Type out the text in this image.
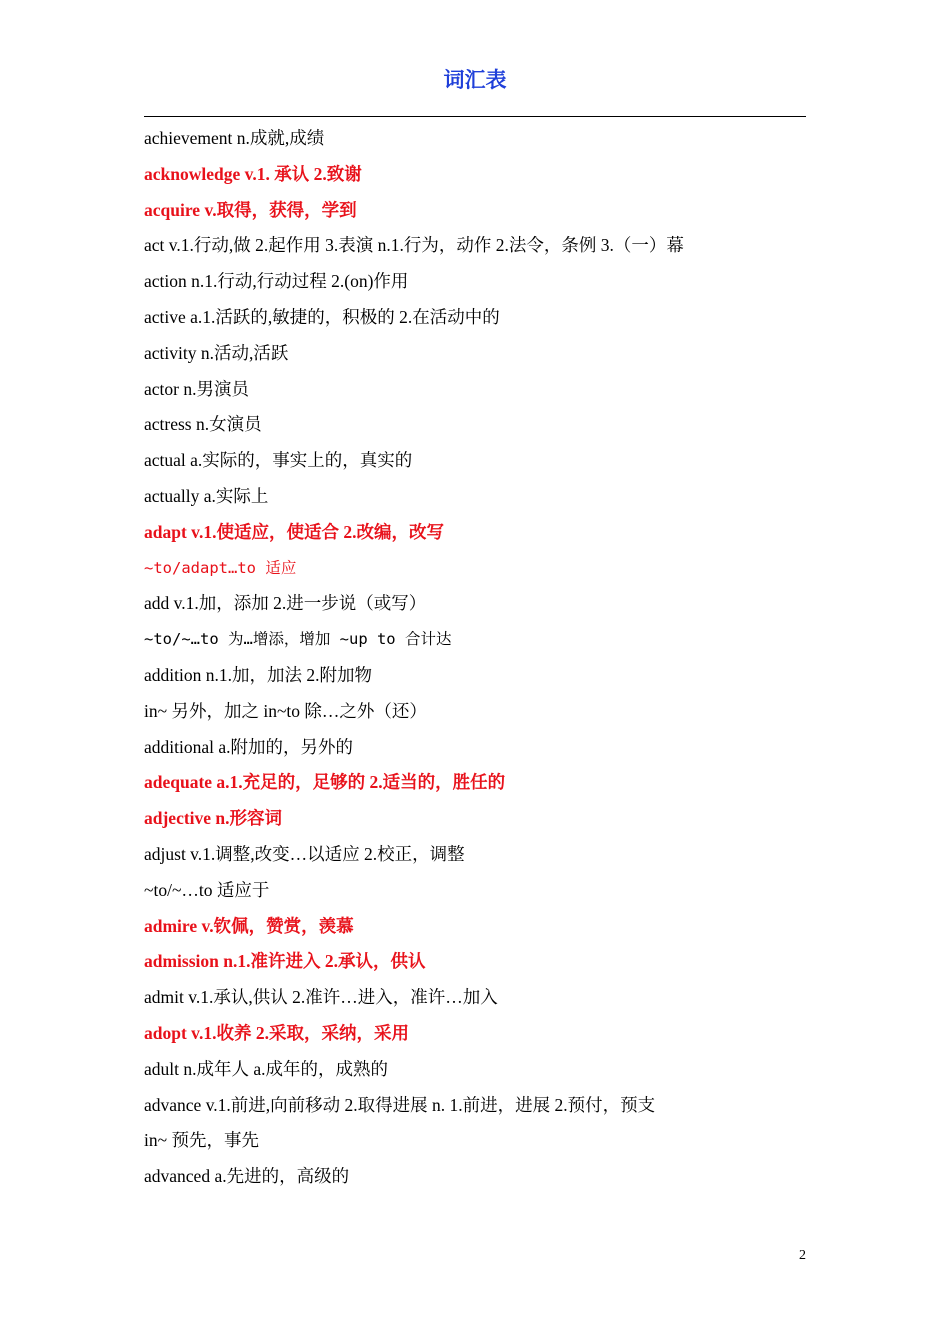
词汇表
achievement n.成就,成绩
acknowledge v.1. 承认 2.致谢
acquire v.取得，获得，学到
act v.1.行动,做 2.起作用 3.表演 n.1.行为，动作 2.法令，条例 3.（一）幕
action n.1.行动,行动过程 2.(on)作用
active a.1.活跃的,敏捷的，积极的 2.在活动中的
activity n.活动,活跃
actor n.男演员
actress n.女演员
actual a.实际的，事实上的，真实的
actually a.实际上
adapt v.1.使适应，使适合 2.改编，改写
~to/adapt…to 适应
add v.1.加，添加 2.进一步说（或写）
~to/~…to 为…增添，增加 ~up to 合计达
addition n.1.加，加法 2.附加物
in~ 另外，加之 in~to 除…之外（还）
additional a.附加的，另外的
adequate a.1.充足的，足够的 2.适当的，胜任的
adjective n.形容词
adjust v.1.调整,改变…以适应 2.校正，调整
~to/~…to 适应于
admire v.钦佩，赞赏，羡慕
admission n.1.准许进入 2.承认，供认
admit v.1.承认,供认 2.准许…进入，准许…加入
adopt v.1.收养 2.采取，采纳，采用
adult n.成年人 a.成年的，成熟的
advance v.1.前进,向前移动 2.取得进展 n. 1.前进，进展 2.预付，预支
in~ 预先，事先
advanced a.先进的，高级的
2
